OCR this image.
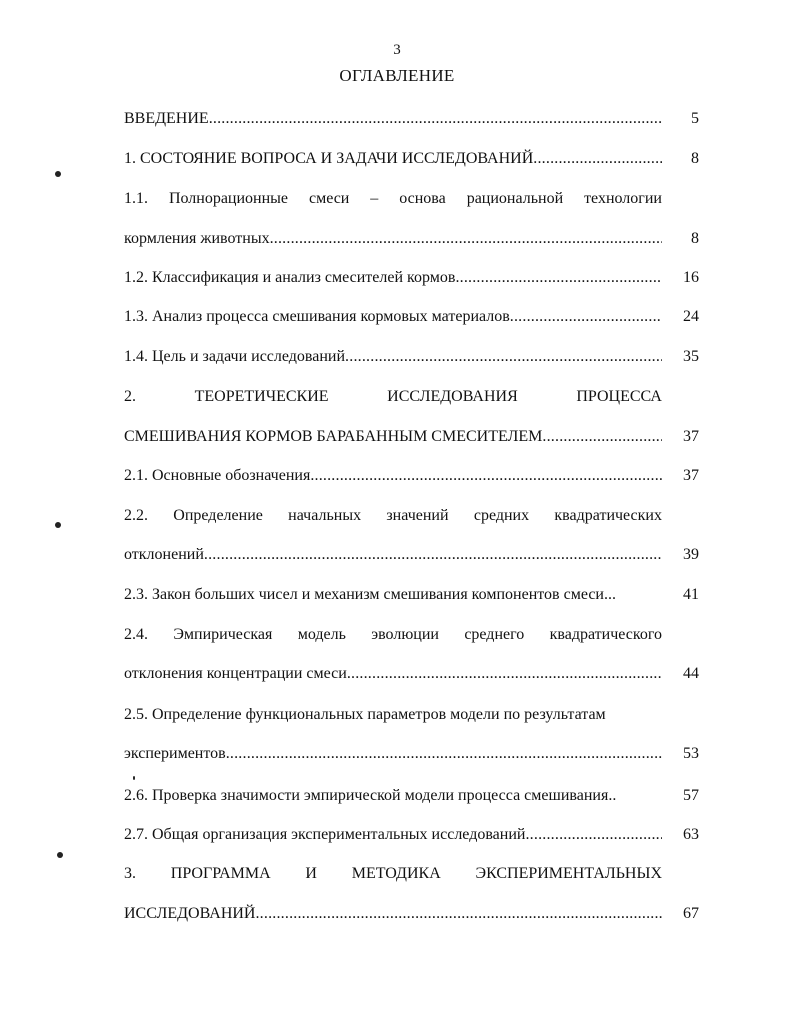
3
ОГЛАВЛЕНИЕ
ВВЕДЕНИЕ .....	5
1. СОСТОЯНИЕ ВОПРОСА И ЗАДАЧИ ИССЛЕДОВАНИЙ .....	8
1.1. Полнорационные смеси – основа рациональной технологии
кормления животных .....	8
1.2. Классификация и анализ смесителей кормов .....	16
1.3. Анализ процесса смешивания кормовых материалов .....	24
1.4. Цель и задачи исследований .....	35
2.	ТЕОРЕТИЧЕСКИЕ	ИССЛЕДОВАНИЯ	ПРОЦЕССА
СМЕШИВАНИЯ КОРМОВ БАРАБАННЫМ СМЕСИТЕЛЕМ .....	37
2.1. Основные обозначения .....	37
2.2. Определение начальных значений средних квадратических
отклонений .....	39
2.3. Закон больших чисел и механизм смешивания компонентов смеси...	41
2.4. Эмпирическая модель эволюции среднего квадратического
отклонения концентрации смеси .....	44
2.5. Определение функциональных параметров модели по результатам
экспериментов .....	53
2.6. Проверка значимости эмпирической модели процесса смешивания..	57
2.7. Общая организация экспериментальных исследований .....	63
3. ПРОГРАММА И МЕТОДИКА ЭКСПЕРИМЕНТАЛЬНЫХ
ИССЛЕДОВАНИЙ .....	67
